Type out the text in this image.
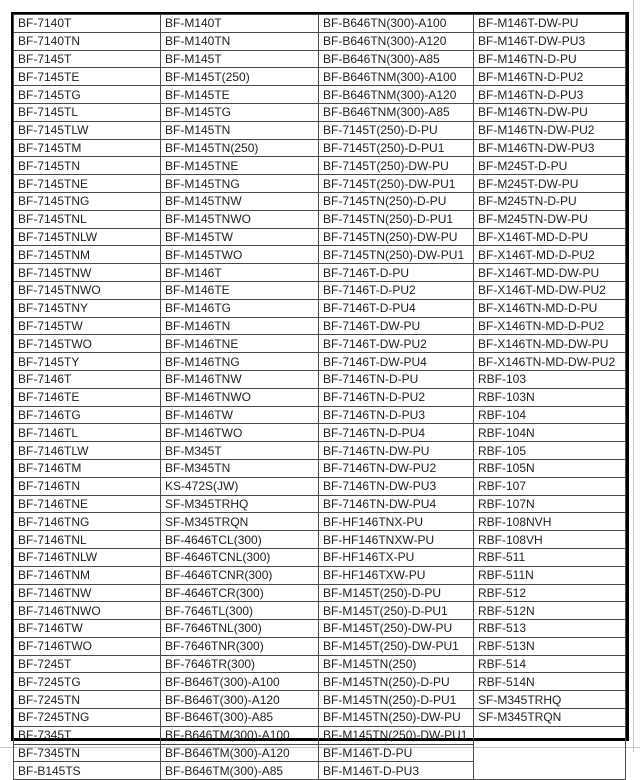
BF-7140T	BF-M140T	BF-B646TN(300)-A100	BF-M146T-DW-PU
BF-7140TN	BF-M140TN	BF-B646TN(300)-A120	BF-M146T-DW-PU3
BF-7145T	BF-M145T	BF-B646TN(300)-A85	BF-M146TN-D-PU
BF-7145TE	BF-M145T(250)	BF-B646TNM(300)-A100	BF-M146TN-D-PU2
BF-7145TG	BF-M145TE	BF-B646TNM(300)-A120	BF-M146TN-D-PU3
BF-7145TL	BF-M145TG	BF-B646TNM(300)-A85	BF-M146TN-DW-PU
BF-7145TLW	BF-M145TN	BF-7145T(250)-D-PU	BF-M146TN-DW-PU2
BF-7145TM	BF-M145TN(250)	BF-7145T(250)-D-PU1	BF-M146TN-DW-PU3
BF-7145TN	BF-M145TNE	BF-7145T(250)-DW-PU	BF-M245T-D-PU
BF-7145TNE	BF-M145TNG	BF-7145T(250)-DW-PU1	BF-M245T-DW-PU
BF-7145TNG	BF-M145TNW	BF-7145TN(250)-D-PU	BF-M245TN-D-PU
BF-7145TNL	BF-M145TNWO	BF-7145TN(250)-D-PU1	BF-M245TN-DW-PU
BF-7145TNLW	BF-M145TW	BF-7145TN(250)-DW-PU	BF-X146T-MD-D-PU
BF-7145TNM	BF-M145TWO	BF-7145TN(250)-DW-PU1	BF-X146T-MD-D-PU2
BF-7145TNW	BF-M146T	BF-7146T-D-PU	BF-X146T-MD-DW-PU
BF-7145TNWO	BF-M146TE	BF-7146T-D-PU2	BF-X146T-MD-DW-PU2
BF-7145TNY	BF-M146TG	BF-7146T-D-PU4	BF-X146TN-MD-D-PU
BF-7145TW	BF-M146TN	BF-7146T-DW-PU	BF-X146TN-MD-D-PU2
BF-7145TWO	BF-M146TNE	BF-7146T-DW-PU2	BF-X146TN-MD-DW-PU
BF-7145TY	BF-M146TNG	BF-7146T-DW-PU4	BF-X146TN-MD-DW-PU2
BF-7146T	BF-M146TNW	BF-7146TN-D-PU	RBF-103
BF-7146TE	BF-M146TNWO	BF-7146TN-D-PU2	RBF-103N
BF-7146TG	BF-M146TW	BF-7146TN-D-PU3	RBF-104
BF-7146TL	BF-M146TWO	BF-7146TN-D-PU4	RBF-104N
BF-7146TLW	BF-M345T	BF-7146TN-DW-PU	RBF-105
BF-7146TM	BF-M345TN	BF-7146TN-DW-PU2	RBF-105N
BF-7146TN	KS-472S(JW)	BF-7146TN-DW-PU3	RBF-107
BF-7146TNE	SF-M345TRHQ	BF-7146TN-DW-PU4	RBF-107N
BF-7146TNG	SF-M345TRQN	BF-HF146TNX-PU	RBF-108NVH
BF-7146TNL	BF-4646TCL(300)	BF-HF146TNXW-PU	RBF-108VH
BF-7146TNLW	BF-4646TCNL(300)	BF-HF146TX-PU	RBF-511
BF-7146TNM	BF-4646TCNR(300)	BF-HF146TXW-PU	RBF-511N
BF-7146TNW	BF-4646TCR(300)	BF-M145T(250)-D-PU	RBF-512
BF-7146TNWO	BF-7646TL(300)	BF-M145T(250)-D-PU1	RBF-512N
BF-7146TW	BF-7646TNL(300)	BF-M145T(250)-DW-PU	RBF-513
BF-7146TWO	BF-7646TNR(300)	BF-M145T(250)-DW-PU1	RBF-513N
BF-7245T	BF-7646TR(300)	BF-M145TN(250)	RBF-514
BF-7245TG	BF-B646T(300)-A100	BF-M145TN(250)-D-PU	RBF-514N
BF-7245TN	BF-B646T(300)-A120	BF-M145TN(250)-D-PU1	SF-M345TRHQ
BF-7245TNG	BF-B646T(300)-A85	BF-M145TN(250)-DW-PU	SF-M345TRQN
BF-7345T	BF-B646TM(300)-A100	BF-M145TN(250)-DW-PU1	
BF-7345TN	BF-B646TM(300)-A120	BF-M146T-D-PU	
BF-B145TS	BF-B646TM(300)-A85	BF-M146T-D-PU3	
